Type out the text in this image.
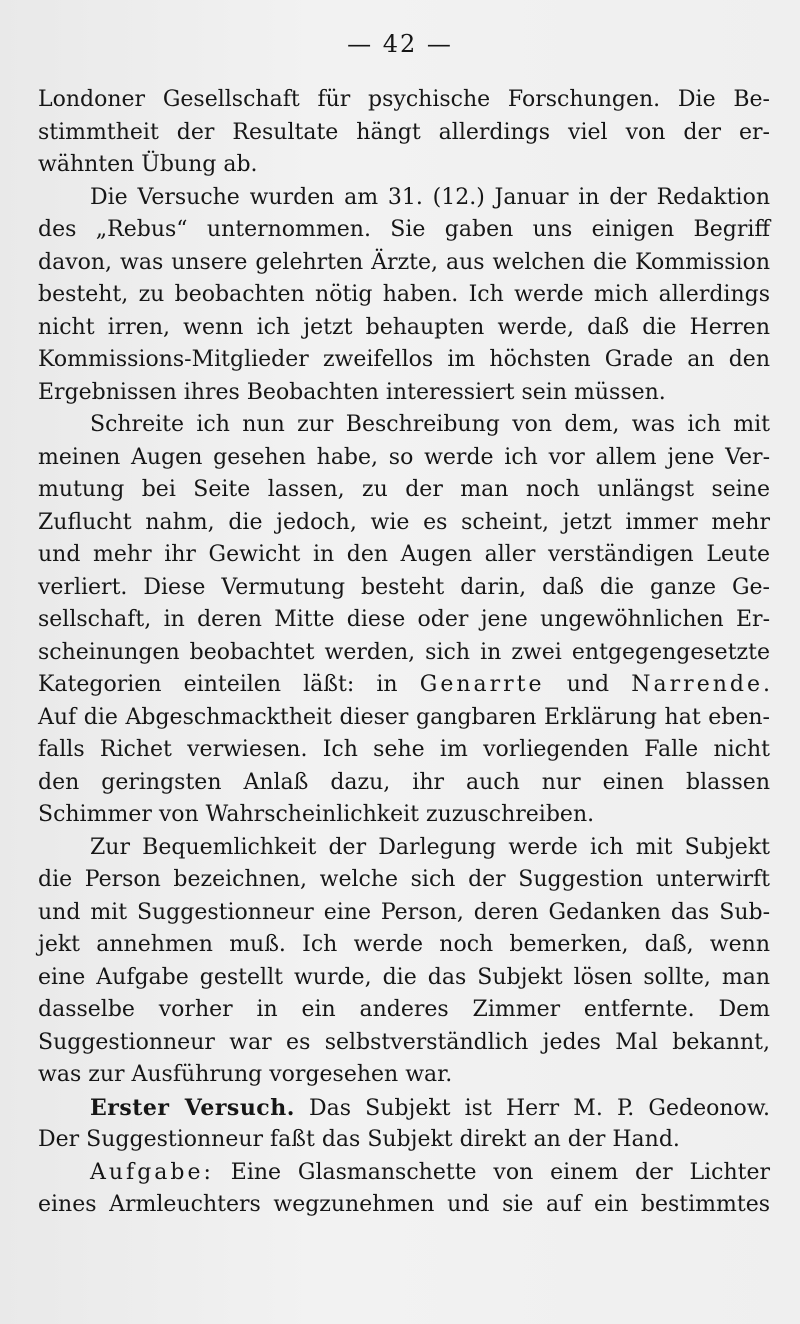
— 42 —
Londoner Gesellschaft für psychische Forschungen. Die Be-
stimmtheit der Resultate hängt allerdings viel von der er-
wähnten Übung ab.
Die Versuche wurden am 31. (12.) Januar in der Redaktion
des „Rebus“ unternommen. Sie gaben uns einigen Begriff
davon, was unsere gelehrten Ärzte, aus welchen die Kommission
besteht, zu beobachten nötig haben. Ich werde mich allerdings
nicht irren, wenn ich jetzt behaupten werde, daß die Herren
Kommissions-Mitglieder zweifellos im höchsten Grade an den
Ergebnissen ihres Beobachten interessiert sein müssen.
Schreite ich nun zur Beschreibung von dem, was ich mit
meinen Augen gesehen habe, so werde ich vor allem jene Ver-
mutung bei Seite lassen, zu der man noch unlängst seine
Zuflucht nahm, die jedoch, wie es scheint, jetzt immer mehr
und mehr ihr Gewicht in den Augen aller verständigen Leute
verliert. Diese Vermutung besteht darin, daß die ganze Ge-
sellschaft, in deren Mitte diese oder jene ungewöhnlichen Er-
scheinungen beobachtet werden, sich in zwei entgegengesetzte
Kategorien einteilen läßt: in Genarrte und Narrende.
Auf die Abgeschmacktheit dieser gangbaren Erklärung hat eben-
falls Richet verwiesen. Ich sehe im vorliegenden Falle nicht
den geringsten Anlaß dazu, ihr auch nur einen blassen
Schimmer von Wahrscheinlichkeit zuzuschreiben.
Zur Bequemlichkeit der Darlegung werde ich mit Subjekt
die Person bezeichnen, welche sich der Suggestion unterwirft
und mit Suggestionneur eine Person, deren Gedanken das Sub-
jekt annehmen muß. Ich werde noch bemerken, daß, wenn
eine Aufgabe gestellt wurde, die das Subjekt lösen sollte, man
dasselbe vorher in ein anderes Zimmer entfernte. Dem
Suggestionneur war es selbstverständlich jedes Mal bekannt,
was zur Ausführung vorgesehen war.
Erster Versuch. Das Subjekt ist Herr M. P. Gedeonow.
Der Suggestionneur faßt das Subjekt direkt an der Hand.
Aufgabe: Eine Glasmanschette von einem der Lichter
eines Armleuchters wegzunehmen und sie auf ein bestimmtes
